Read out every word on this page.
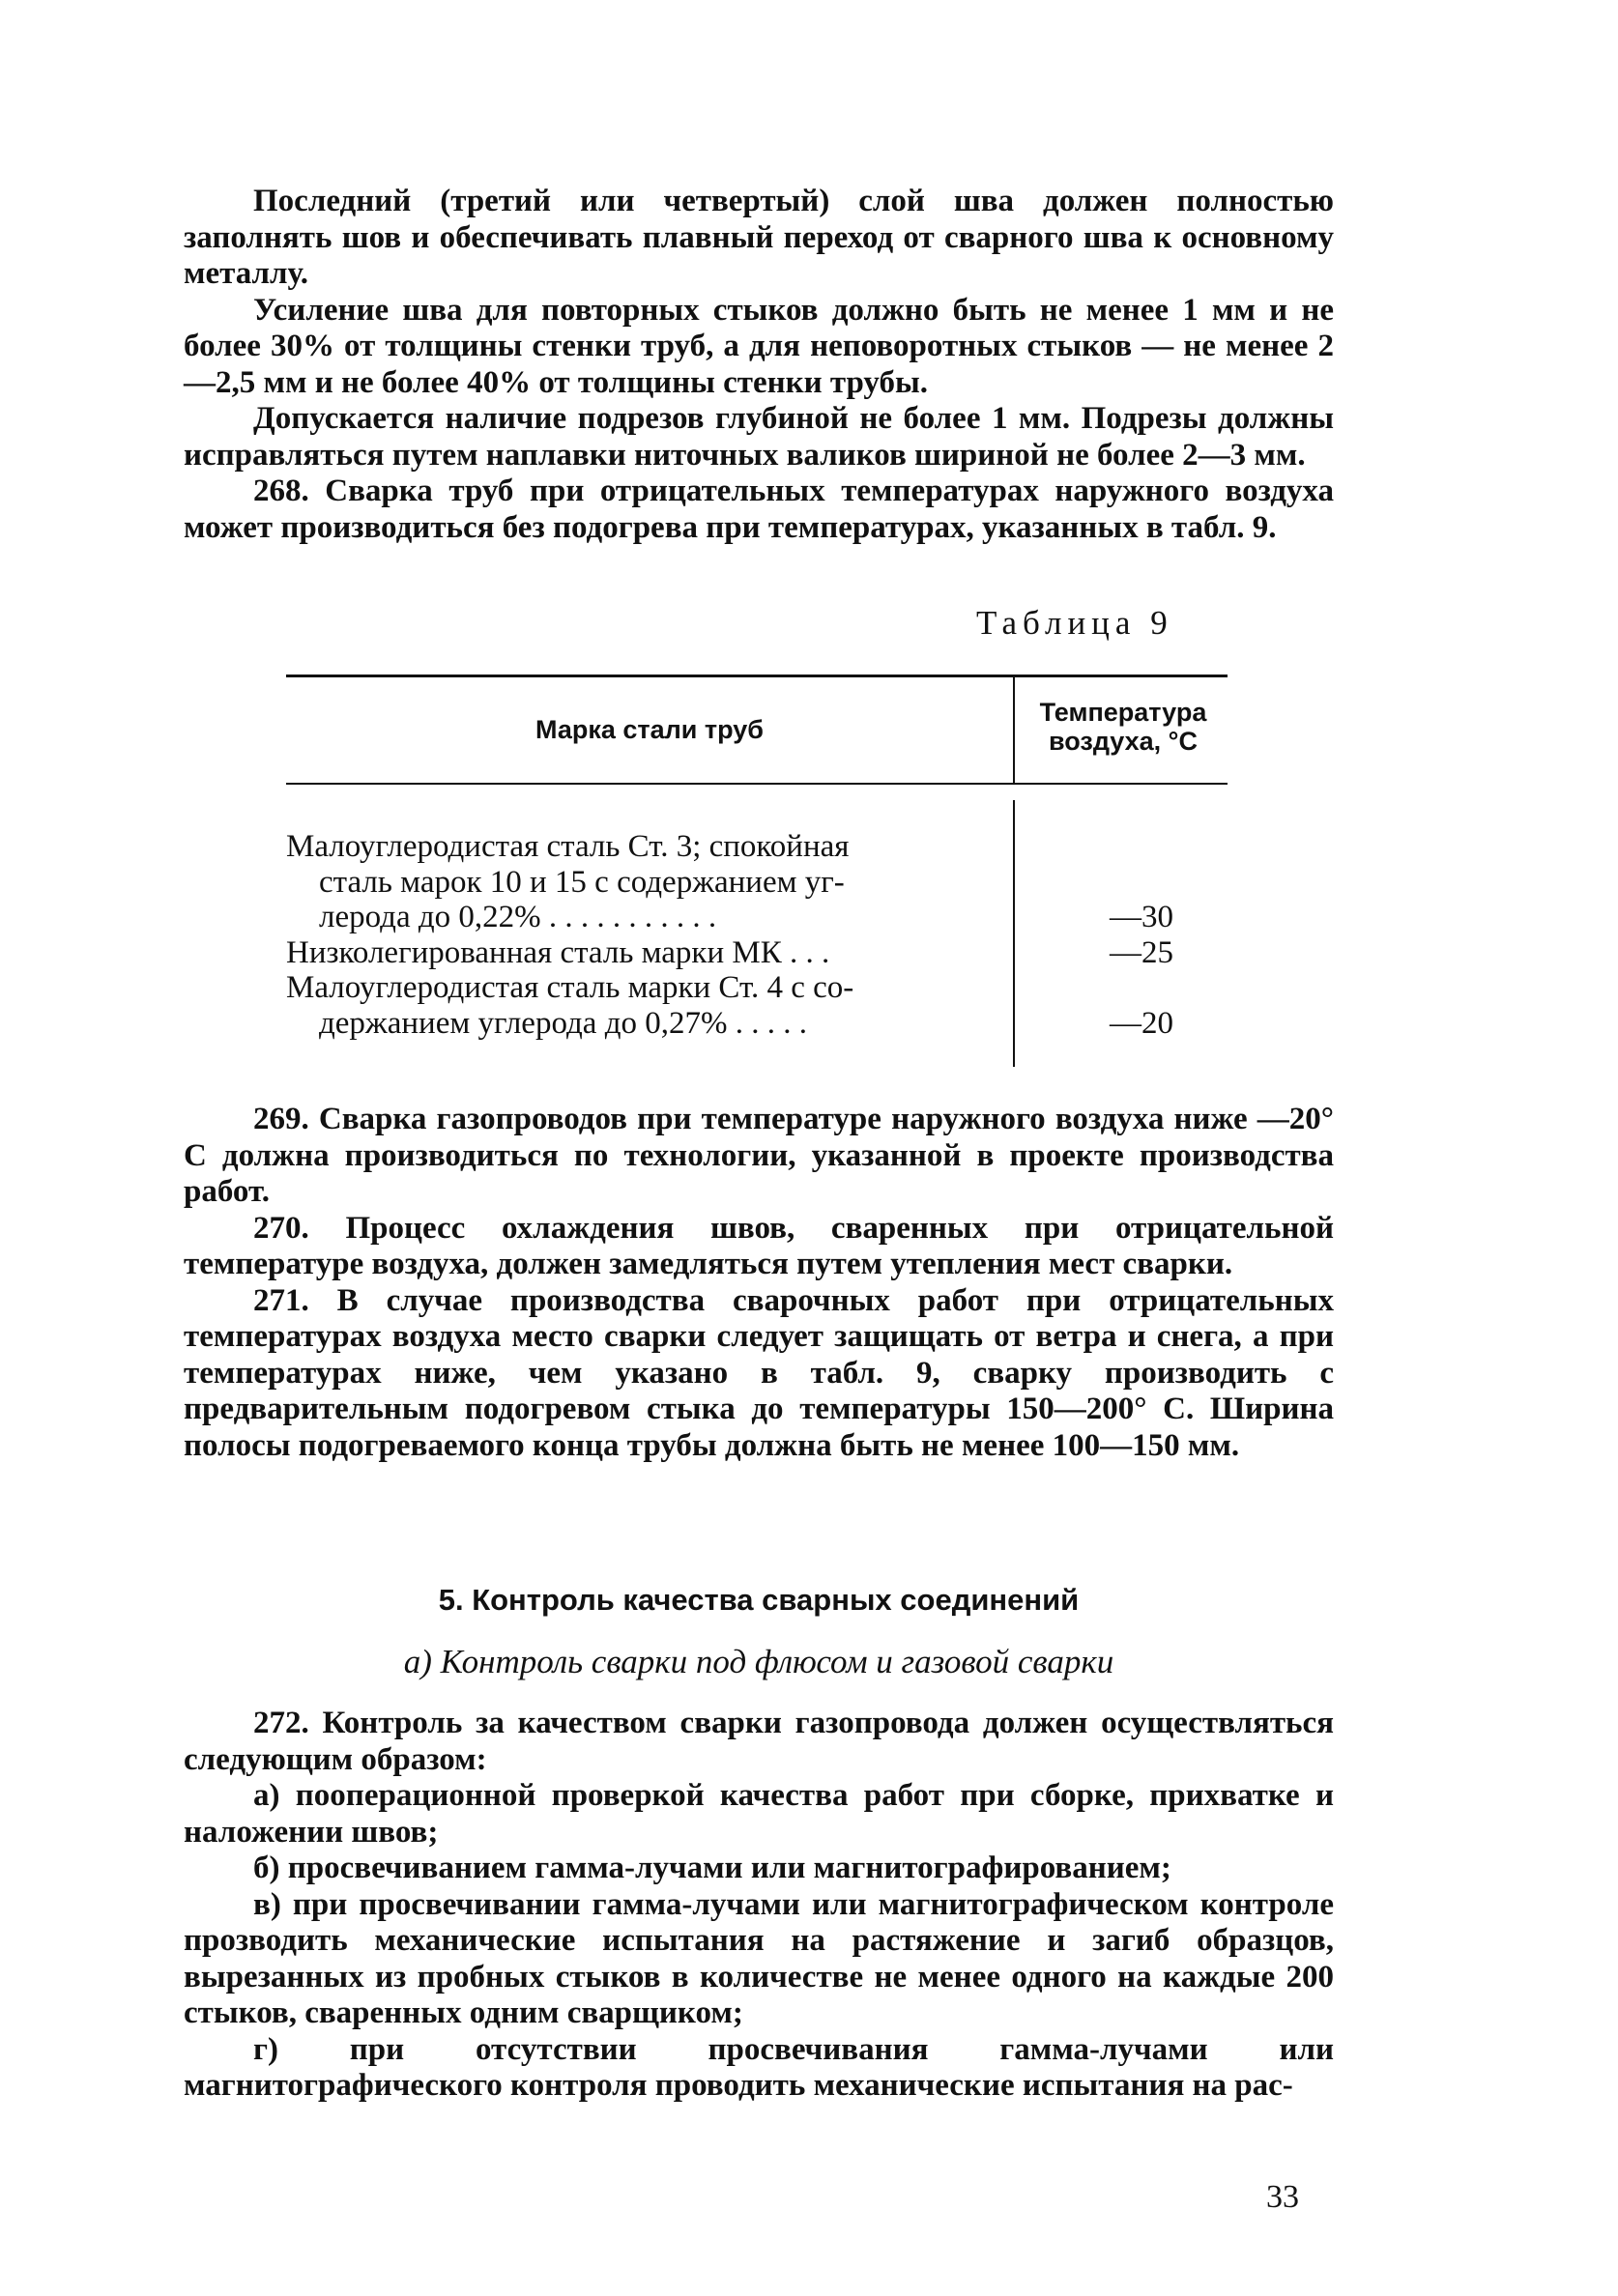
Последний (третий или четвертый) слой шва должен полностью заполнять шов и обеспечивать плавный переход от сварного шва к основному металлу.

Усиление шва для повторных стыков должно быть не менее 1 мм и не более 30% от толщины стенки труб, а для неповоротных стыков — не менее 2—2,5 мм и не более 40% от толщины стенки трубы.

Допускается наличие подрезов глубиной не более 1 мм. Подрезы должны исправляться путем наплавки ниточных валиков шириной не более 2—3 мм.

268. Сварка труб при отрицательных температурах наружного воздуха может производиться без подогрева при температурах, указанных в табл. 9.

Таблица 9
Марка стали труб
Температура
воздуха, °С
Малоуглеродистая сталь Ст. 3; спокойная
сталь марок 10 и 15 с содержанием уг-
лерода до 0,22% . . . . . . . . . . .
Низколегированная сталь марки МК . . .
Малоуглеродистая сталь марки Ст. 4 с со-
держанием углерода до 0,27% . . . . .
—30
—25
—20

269. Сварка газопроводов при температуре наружного воздуха ниже —20° С должна производиться по технологии, указанной в проекте производства работ.

270. Процесс охлаждения швов, сваренных при отрицательной температуре воздуха, должен замедляться путем утепления мест сварки.

271. В случае производства сварочных работ при отрицательных температурах воздуха место сварки следует защищать от ветра и снега, а при температурах ниже, чем указано в табл. 9, сварку производить с предварительным подогревом стыка до температуры 150—200° С. Ширина полосы подогреваемого конца трубы должна быть не менее 100—150 мм.

5. Контроль качества сварных соединений
а) Контроль сварки под флюсом и газовой сварки

272. Контроль за качеством сварки газопровода должен осуществляться следующим образом:

а) пооперационной проверкой качества работ при сборке, прихватке и наложении швов;

б) просвечиванием гамма-лучами или магнитографированием;

в) при просвечивании гамма-лучами или магнитографическом контроле прозводить механические испытания на растяжение и загиб образцов, вырезанных из пробных стыков в количестве не менее одного на каждые 200 стыков, сваренных одним сварщиком;

г) при отсутствии просвечивания гамма-лучами или магнитографического контроля проводить механические испытания на рас-

33
